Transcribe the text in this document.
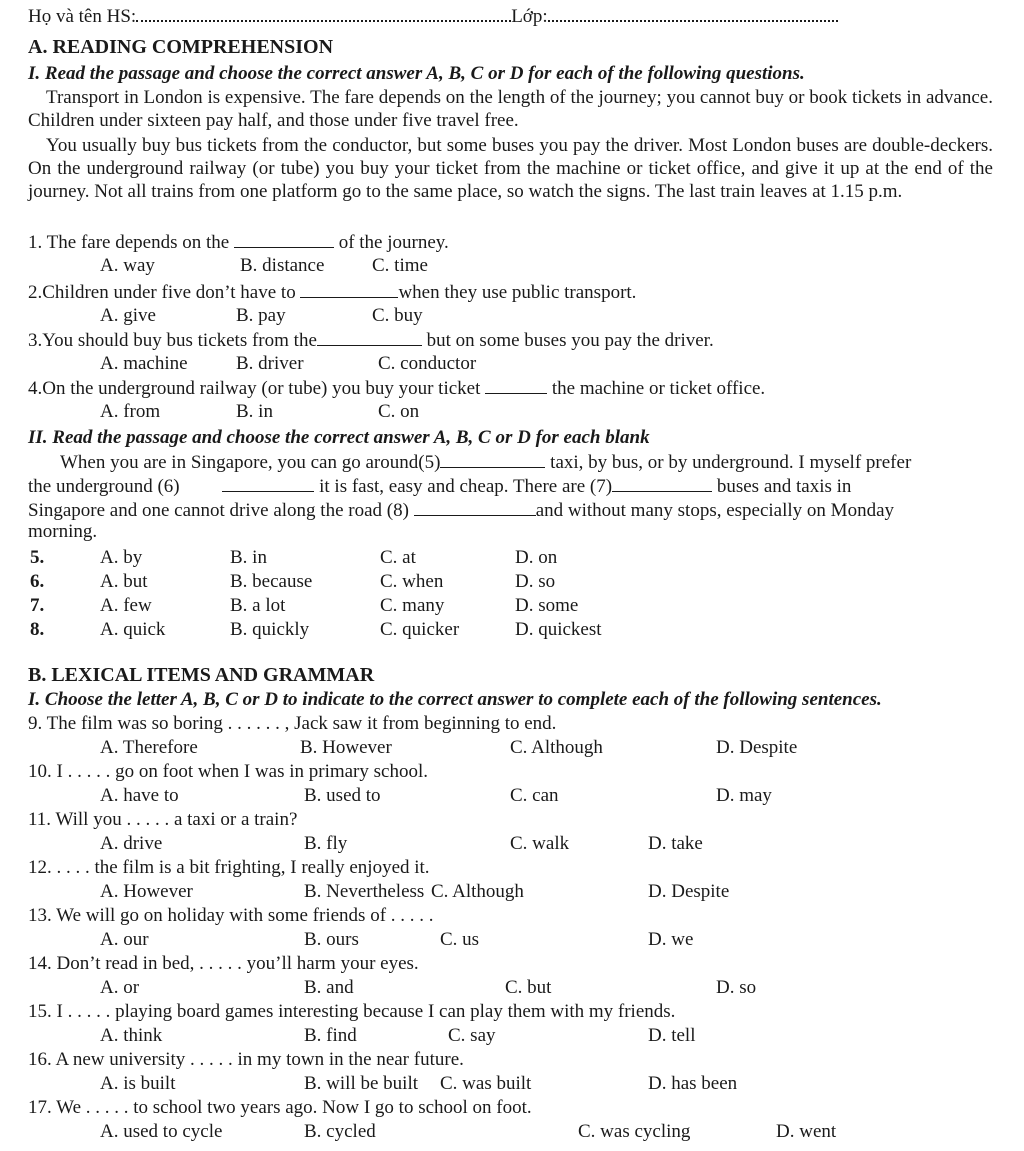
Họ và tên HS:	Lớp:
A. READING COMPREHENSION
I. Read the passage and choose the correct answer A, B, C or D for each of the following questions.
Transport in London is expensive. The fare depends on the length of the journey; you cannot buy or book tickets in advance. Children under sixteen pay half, and those under five travel free.
You usually buy bus tickets from the conductor, but some buses you pay the driver. Most London buses are double-deckers. On the underground railway (or tube) you buy your ticket from the machine or ticket office, and give it up at the end of the journey. Not all trains from one platform go to the same place, so watch the signs. The last train leaves at 1.15 p.m.
1. The fare depends on the	of the journey.
A. way	B. distance	C. time
2.Children under five don’t have to	when they use public transport.
A. give	B. pay	C. buy
3.You should buy bus tickets from the	but on some buses you pay the driver.
A. machine	B. driver	C. conductor
4.On the underground railway (or tube) you buy your ticket	the machine or ticket office.
A. from	B. in	C. on
II. Read the passage and choose the correct answer A, B, C or D for each blank
When you are in Singapore, you can go around(5)	taxi, by bus, or by underground. I myself prefer
the underground (6)	it is fast, easy and cheap. There are (7)	buses and taxis in
Singapore and one cannot drive along the road (8)	and without many stops, especially on Monday
morning.
5.	A. by	B. in	C. at	D. on
6.	A. but	B. because	C. when	D. so
7.	A. few	B. a lot	C. many	D. some
8.	A. quick	B. quickly	C. quicker	D. quickest
B. LEXICAL ITEMS AND GRAMMAR
I. Choose the letter A, B, C or D to indicate to the correct answer to complete each of the following sentences.
9. The film was so boring . . . . . . , Jack saw it from beginning to end.
A. Therefore	B. However	C. Although	D. Despite
10. I . . . . . go on foot when I was in primary school.
A. have to	B. used to	C. can	D. may
11. Will you . . . . . a taxi or a train?
A. drive	B. fly	C. walk	D. take
12. . . . . the film is a bit frighting, I really enjoyed it.
A. However	B. Nevertheless C. Although	D. Despite
13. We will go on holiday with some friends of . . . . .
A. our	B. ours	C. us	D. we
14. Don’t read in bed, . . . . . you’ll harm your eyes.
A. or	B. and	C. but	D. so
15. I . . . . . playing board games interesting because I can play them with my friends.
A. think	B. find	C. say	D. tell
16. A new university . . . . . in my town in the near future.
A. is built	B. will be built C. was built	D. has been
17. We . . . . . to school two years ago. Now I go to school on foot.
A. used to cycle	B. cycled	C. was cycling	D. went
